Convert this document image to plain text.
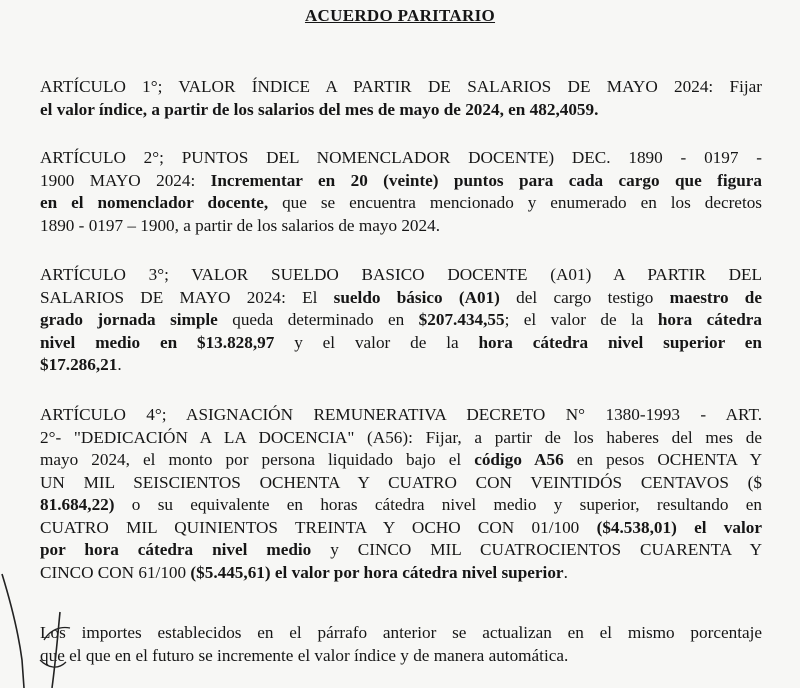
ACUERDO PARITARIO
ARTÍCULO 1°; VALOR ÍNDICE A PARTIR DE SALARIOS DE MAYO 2024: Fijar
el valor índice, a partir de los salarios del mes de mayo de 2024, en 482,4059.
ARTÍCULO 2°; PUNTOS DEL NOMENCLADOR DOCENTE) DEC. 1890 - 0197 -
1900 MAYO 2024: Incrementar en 20 (veinte) puntos para cada cargo que figura
en el nomenclador docente, que se encuentra mencionado y enumerado en los decretos
1890 - 0197 – 1900, a partir de los salarios de mayo 2024.
ARTÍCULO 3°; VALOR SUELDO BASICO DOCENTE (A01) A PARTIR DEL
SALARIOS DE MAYO 2024: El sueldo básico (A01) del cargo testigo maestro de
grado jornada simple queda determinado en $207.434,55; el valor de la hora cátedra
nivel medio en $13.828,97 y el valor de la hora cátedra nivel superior en
$17.286,21.
ARTÍCULO 4°; ASIGNACIÓN REMUNERATIVA DECRETO N° 1380-1993 - ART.
2°- "DEDICACIÓN A LA DOCENCIA" (A56): Fijar, a partir de los haberes del mes de
mayo 2024, el monto por persona liquidado bajo el código A56 en pesos OCHENTA Y
UN MIL SEISCIENTOS OCHENTA Y CUATRO CON VEINTIDÓS CENTAVOS ($
81.684,22) o su equivalente en horas cátedra nivel medio y superior, resultando en
CUATRO MIL QUINIENTOS TREINTA Y OCHO CON 01/100 ($4.538,01) el valor
por hora cátedra nivel medio y CINCO MIL CUATROCIENTOS CUARENTA Y
CINCO CON 61/100 ($5.445,61) el valor por hora cátedra nivel superior.
Los importes establecidos en el párrafo anterior se actualizan en el mismo porcentaje
que el que en el futuro se incremente el valor índice y de manera automática.
